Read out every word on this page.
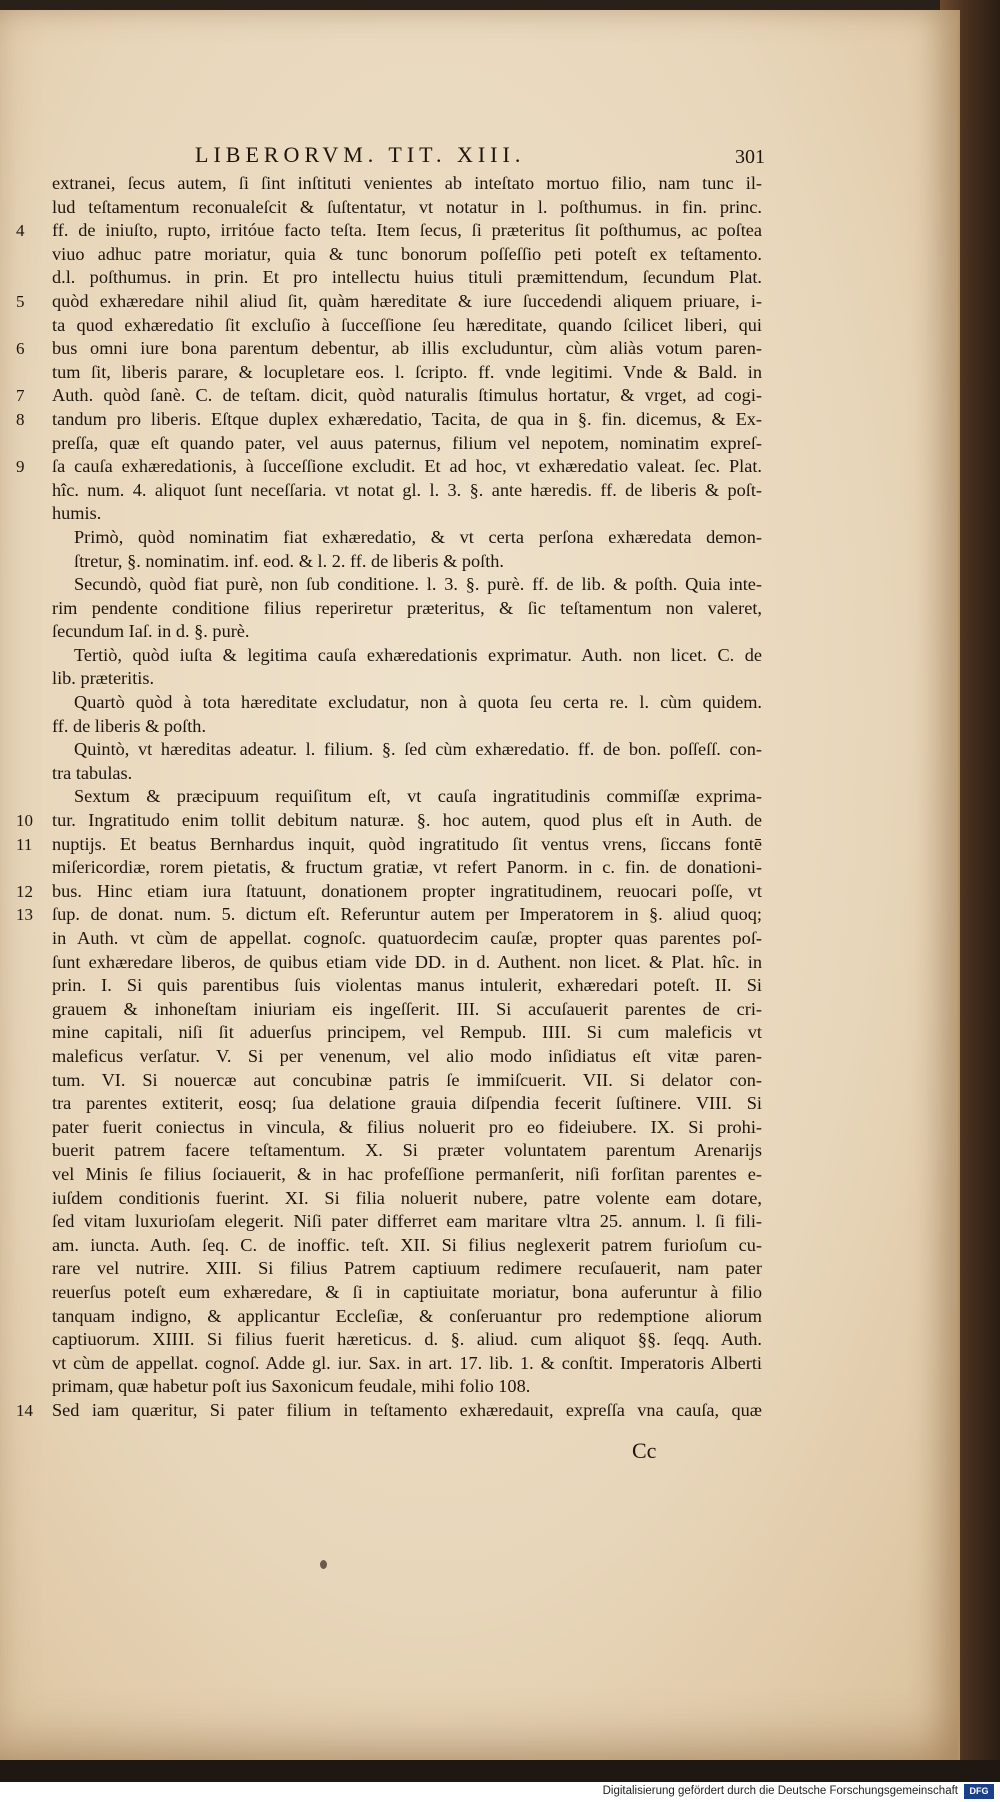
LIBERORVM. TIT. XIII.	301
extranei, ſecus autem, ſi ſint inſtituti venientes ab inteſtato mortuo filio, nam tunc il-
lud teſtamentum reconualeſcit & ſuſtentatur, vt notatur in l. poſthumus. in fin. princ.
4	ff. de iniuſto, rupto, irritóue facto teſta. Item ſecus, ſi præteritus ſit poſthumus, ac poſtea
viuo adhuc patre moriatur, quia & tunc bonorum poſſeſſio peti poteſt ex teſtamento.
d.l. poſthumus. in prin. Et pro intellectu huius tituli præmittendum, ſecundum Plat.
5	quòd exhæredare nihil aliud ſit, quàm hæreditate & iure ſuccedendi aliquem priuare, i-
ta quod exhæredatio ſit excluſio à ſucceſſione ſeu hæreditate, quando ſcilicet liberi, qui
6	bus omni iure bona parentum debentur, ab illis excluduntur, cùm aliàs votum paren-
tum ſit, liberis parare, & locupletare eos. l. ſcripto. ff. vnde legitimi. Vnde & Bald. in
7	Auth. quòd ſanè. C. de teſtam. dicit, quòd naturalis ſtimulus hortatur, & vrget, ad cogi-
8	tandum pro liberis. Eſtque duplex exhæredatio, Tacita, de qua in §. fin. dicemus, & Ex-
preſſa, quæ eſt quando pater, vel auus paternus, filium vel nepotem, nominatim expreſ-
9	ſa cauſa exhæredationis, à ſucceſſione excludit. Et ad hoc, vt exhæredatio valeat. ſec. Plat.
hîc. num. 4. aliquot ſunt neceſſaria. vt notat gl. l. 3. §. ante hæredis. ff. de liberis & poſt-
humis.
Primò, quòd nominatim fiat exhæredatio, & vt certa perſona exhæredata demon-
ſtretur, §. nominatim. inf. eod. & l. 2. ff. de liberis & poſth.
Secundò, quòd fiat purè, non ſub conditione. l. 3. §. purè. ff. de lib. & poſth. Quia inte-
rim pendente conditione filius reperiretur præteritus, & ſic teſtamentum non valeret,
ſecundum Iaſ. in d. §. purè.
Tertiò, quòd iuſta & legitima cauſa exhæredationis exprimatur. Auth. non licet. C. de
lib. præteritis.
Quartò quòd à tota hæreditate excludatur, non à quota ſeu certa re. l. cùm quidem.
ff. de liberis & poſth.
Quintò, vt hæreditas adeatur. l. filium. §. ſed cùm exhæredatio. ff. de bon. poſſeſſ. con-
tra tabulas.
Sextum & præcipuum requiſitum eſt, vt cauſa ingratitudinis commiſſæ exprima-
10 tur. Ingratitudo enim tollit debitum naturæ. §. hoc autem, quod plus eſt in Auth. de
11	nuptijs. Et beatus Bernhardus inquit, quòd ingratitudo ſit ventus vrens, ſiccans fontē
miſericordiæ, rorem pietatis, & fructum gratiæ, vt refert Panorm. in c. fin. de donationi-
12 bus. Hinc etiam iura ſtatuunt, donationem propter ingratitudinem, reuocari poſſe, vt
13 ſup. de donat. num. 5. dictum eſt. Referuntur autem per Imperatorem in §. aliud quoq;
in Auth. vt cùm de appellat. cognoſc. quatuordecim cauſæ, propter quas parentes poſ-
ſunt exhæredare liberos, de quibus etiam vide DD. in d. Authent. non licet. & Plat. hîc. in
prin. I. Si quis parentibus ſuis violentas manus intulerit, exhæredari poteſt. II. Si
grauem & inhoneſtam iniuriam eis ingeſſerit. III. Si accuſauerit parentes de cri-
mine capitali, niſi ſit aduerſus principem, vel Rempub. IIII. Si cum maleficis vt
maleficus verſatur. V. Si per venenum, vel alio modo inſidiatus eſt vitæ paren-
tum. VI. Si nouercæ aut concubinæ patris ſe immiſcuerit. VII. Si delator con-
tra parentes extiterit, eosq; ſua delatione grauia diſpendia fecerit ſuſtinere. VIII. Si
pater fuerit coniectus in vincula, & filius noluerit pro eo fideiubere. IX. Si prohi-
buerit patrem facere teſtamentum. X. Si præter voluntatem parentum Arenarijs
vel Minis ſe filius ſociauerit, & in hac profeſſione permanſerit, niſi forſitan parentes e-
iuſdem conditionis fuerint. XI. Si filia noluerit nubere, patre volente eam dotare,
ſed vitam luxurioſam elegerit. Niſi pater differret eam maritare vltra 25. annum. l. ſi fili-
am. iuncta. Auth. ſeq. C. de inoffic. teſt. XII. Si filius neglexerit patrem furioſum cu-
rare vel nutrire. XIII. Si filius Patrem captiuum redimere recuſauerit, nam pater
reuerſus poteſt eum exhæredare, & ſi in captiuitate moriatur, bona auferuntur à filio
tanquam indigno, & applicantur Eccleſiæ, & conſeruantur pro redemptione aliorum
captiuorum. XIIII. Si filius fuerit hæreticus. d. §. aliud. cum aliquot §§. ſeqq. Auth.
vt cùm de appellat. cognoſ. Adde gl. iur. Sax. in art. 17. lib. 1. & conſtit. Imperatoris Alberti
primam, quæ habetur poſt ius Saxonicum feudale, mihi folio 108.
14 Sed iam quæritur, Si pater filium in teſtamento exhæredauit, expreſſa vna cauſa, quæ
Cc
Digitalisierung gefördert durch die Deutsche Forschungsgemeinschaft	DFG
